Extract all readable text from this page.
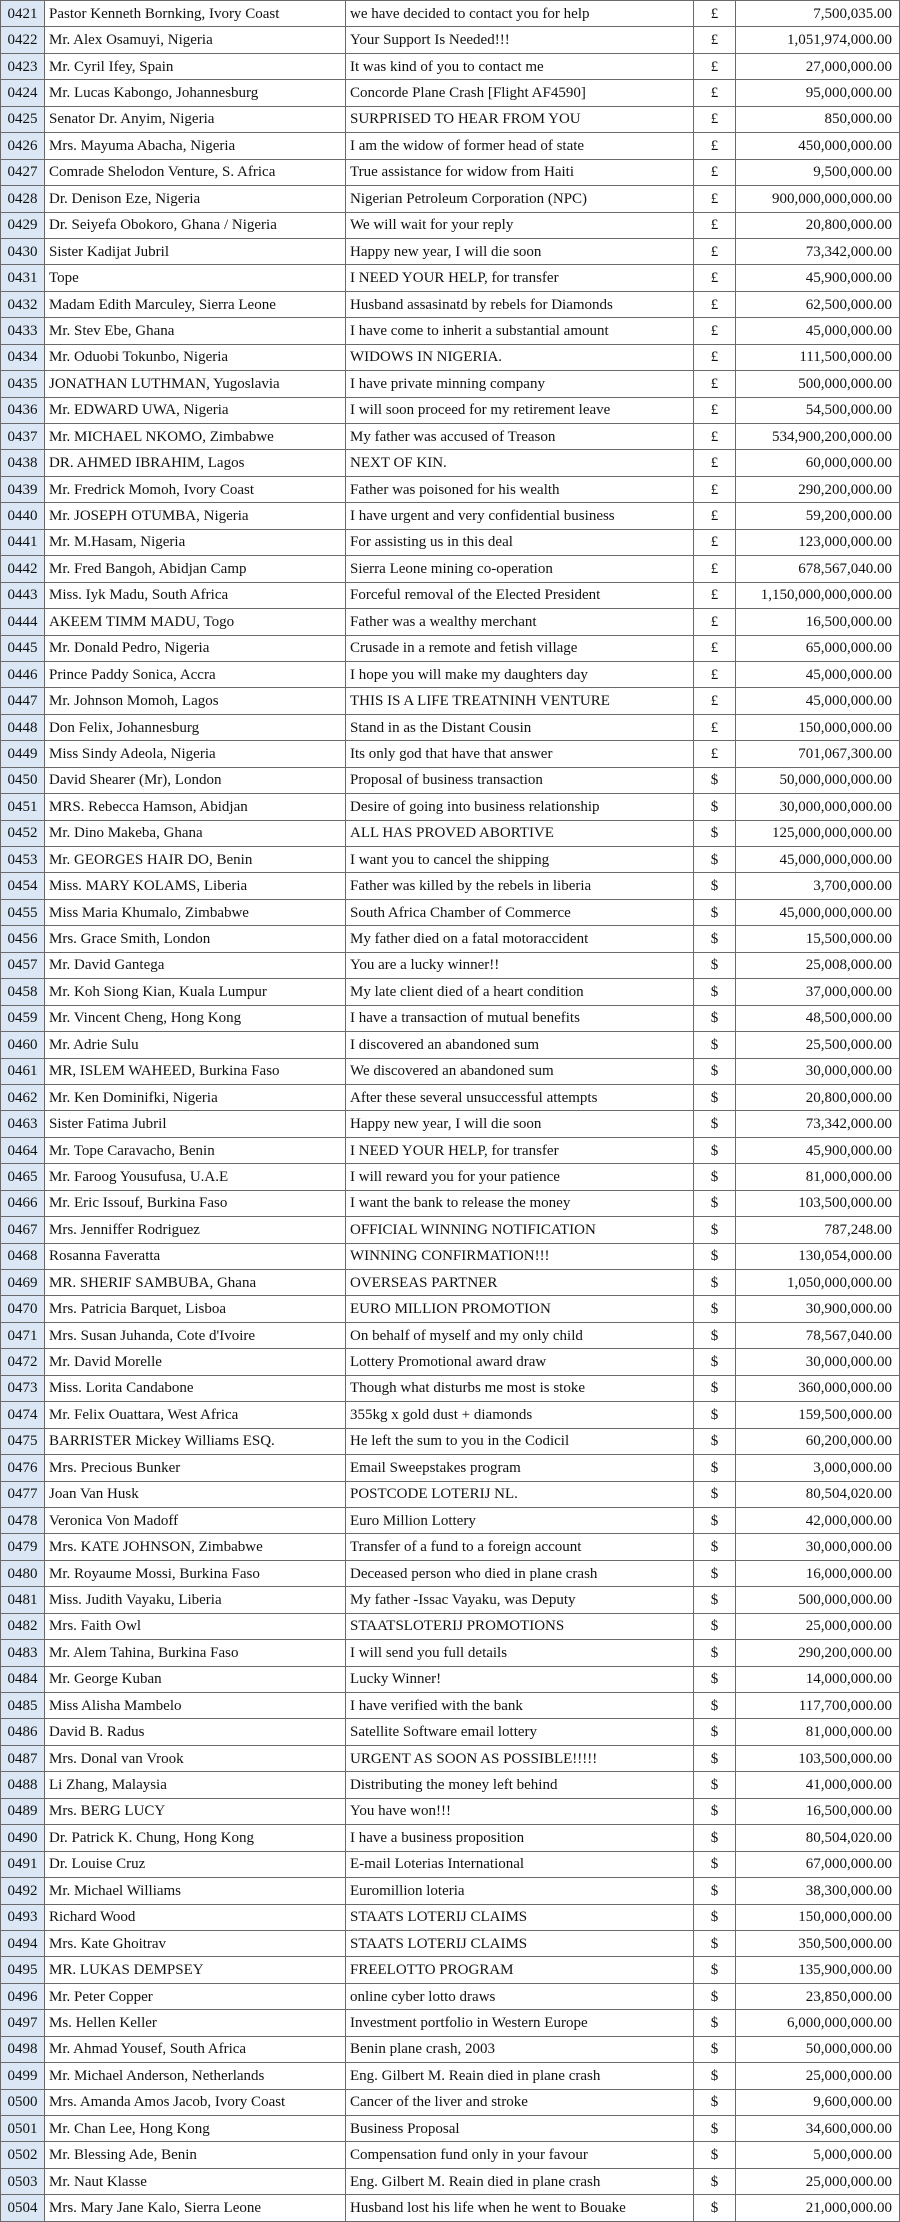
0421	Pastor Kenneth Bornking, Ivory Coast	we have decided to contact you for help	£	7,500,035.00
0422	Mr. Alex Osamuyi, Nigeria	Your Support Is Needed!!!	£	1,051,974,000.00
0423	Mr. Cyril Ifey, Spain	It was kind of you to contact me	£	27,000,000.00
0424	Mr. Lucas Kabongo, Johannesburg	Concorde Plane Crash [Flight AF4590]	£	95,000,000.00
0425	Senator Dr. Anyim, Nigeria	SURPRISED TO HEAR FROM YOU	£	850,000.00
0426	Mrs. Mayuma Abacha, Nigeria	I am the widow of former head of state	£	450,000,000.00
0427	Comrade Shelodon Venture, S. Africa	True assistance for widow from Haiti	£	9,500,000.00
0428	Dr. Denison Eze, Nigeria	Nigerian Petroleum Corporation (NPC)	£	900,000,000,000.00
0429	Dr. Seiyefa Obokoro, Ghana / Nigeria	We will wait for your reply	£	20,800,000.00
0430	Sister Kadijat Jubril	Happy new year, I will die soon	£	73,342,000.00
0431	Tope	I NEED YOUR HELP, for transfer	£	45,900,000.00
0432	Madam Edith Marculey, Sierra Leone	Husband assasinatd by rebels for Diamonds	£	62,500,000.00
0433	Mr. Stev Ebe, Ghana	I have come to inherit a substantial amount	£	45,000,000.00
0434	Mr. Oduobi Tokunbo, Nigeria	WIDOWS IN NIGERIA.	£	111,500,000.00
0435	JONATHAN LUTHMAN, Yugoslavia	I have private minning company	£	500,000,000.00
0436	Mr. EDWARD UWA, Nigeria	I will soon proceed for my retirement leave	£	54,500,000.00
0437	Mr. MICHAEL NKOMO, Zimbabwe	My father was accused of Treason	£	534,900,200,000.00
0438	DR. AHMED IBRAHIM, Lagos	NEXT OF KIN.	£	60,000,000.00
0439	Mr. Fredrick Momoh, Ivory Coast	Father was poisoned for his wealth	£	290,200,000.00
0440	Mr. JOSEPH OTUMBA, Nigeria	I have urgent and very confidential business	£	59,200,000.00
0441	Mr. M.Hasam, Nigeria	For assisting us in this deal	£	123,000,000.00
0442	Mr. Fred Bangoh, Abidjan Camp	Sierra Leone mining co-operation	£	678,567,040.00
0443	Miss. Iyk Madu, South Africa	Forceful removal of the Elected President	£	1,150,000,000,000.00
0444	AKEEM TIMM MADU, Togo	Father was a wealthy merchant	£	16,500,000.00
0445	Mr. Donald Pedro, Nigeria	Crusade in a remote and fetish village	£	65,000,000.00
0446	Prince Paddy Sonica, Accra	I hope you will make my daughters day	£	45,000,000.00
0447	Mr. Johnson Momoh, Lagos	THIS IS A LIFE TREATNINH VENTURE	£	45,000,000.00
0448	Don Felix, Johannesburg	Stand in as the Distant Cousin	£	150,000,000.00
0449	Miss Sindy Adeola, Nigeria	Its only god that have that answer	£	701,067,300.00
0450	David Shearer (Mr), London	Proposal of business transaction	$	50,000,000,000.00
0451	MRS. Rebecca Hamson, Abidjan	Desire of going into business relationship	$	30,000,000,000.00
0452	Mr. Dino Makeba, Ghana	ALL HAS PROVED ABORTIVE	$	125,000,000,000.00
0453	Mr. GEORGES HAIR DO, Benin	I want you to cancel the shipping	$	45,000,000,000.00
0454	Miss. MARY KOLAMS, Liberia	Father was killed by the rebels in liberia	$	3,700,000.00
0455	Miss Maria Khumalo, Zimbabwe	South Africa Chamber of Commerce	$	45,000,000,000.00
0456	Mrs. Grace Smith, London	My father died on a fatal motoraccident	$	15,500,000.00
0457	Mr. David Gantega	You are a lucky winner!!	$	25,008,000.00
0458	Mr. Koh Siong Kian, Kuala Lumpur	My late client died of a heart condition	$	37,000,000.00
0459	Mr. Vincent Cheng, Hong Kong	I have a transaction of mutual benefits	$	48,500,000.00
0460	Mr. Adrie Sulu	I discovered an abandoned sum	$	25,500,000.00
0461	MR, ISLEM WAHEED, Burkina Faso	We discovered an abandoned sum	$	30,000,000.00
0462	Mr. Ken Dominifki, Nigeria	After these several unsuccessful attempts	$	20,800,000.00
0463	Sister Fatima Jubril	Happy new year, I will die soon	$	73,342,000.00
0464	Mr. Tope Caravacho, Benin	I NEED YOUR HELP, for transfer	$	45,900,000.00
0465	Mr. Faroog Yousufusa, U.A.E	I will reward you for your patience	$	81,000,000.00
0466	Mr. Eric Issouf, Burkina Faso	I want the bank to release the money	$	103,500,000.00
0467	Mrs. Jenniffer Rodriguez	OFFICIAL WINNING NOTIFICATION	$	787,248.00
0468	Rosanna Faveratta	WINNING CONFIRMATION!!!	$	130,054,000.00
0469	MR. SHERIF SAMBUBA, Ghana	OVERSEAS PARTNER	$	1,050,000,000.00
0470	Mrs. Patricia Barquet, Lisboa	EURO MILLION PROMOTION	$	30,900,000.00
0471	Mrs. Susan Juhanda, Cote d'Ivoire	On behalf of myself and my only child	$	78,567,040.00
0472	Mr. David Morelle	Lottery Promotional award draw	$	30,000,000.00
0473	Miss. Lorita Candabone	Though what disturbs me most is stoke	$	360,000,000.00
0474	Mr. Felix Ouattara, West Africa	355kg x gold dust + diamonds	$	159,500,000.00
0475	BARRISTER Mickey Williams ESQ.	He left the sum to you in the Codicil	$	60,200,000.00
0476	Mrs. Precious Bunker	Email Sweepstakes program	$	3,000,000.00
0477	Joan Van Husk	POSTCODE LOTERIJ NL.	$	80,504,020.00
0478	Veronica Von Madoff	Euro Million Lottery	$	42,000,000.00
0479	Mrs. KATE JOHNSON, Zimbabwe	Transfer of a fund to a foreign account	$	30,000,000.00
0480	Mr. Royaume Mossi, Burkina Faso	Deceased person who died in plane crash	$	16,000,000.00
0481	Miss. Judith Vayaku, Liberia	My father -Issac Vayaku, was Deputy	$	500,000,000.00
0482	Mrs. Faith Owl	STAATSLOTERIJ PROMOTIONS	$	25,000,000.00
0483	Mr. Alem Tahina, Burkina Faso	I will send you full details	$	290,200,000.00
0484	Mr. George Kuban	Lucky Winner!	$	14,000,000.00
0485	Miss Alisha Mambelo	I have verified with the bank	$	117,700,000.00
0486	David B. Radus	Satellite Software email lottery	$	81,000,000.00
0487	Mrs. Donal van Vrook	URGENT AS SOON AS POSSIBLE!!!!!	$	103,500,000.00
0488	Li Zhang, Malaysia	Distributing the money left behind	$	41,000,000.00
0489	Mrs. BERG LUCY	You have won!!!	$	16,500,000.00
0490	Dr. Patrick K. Chung, Hong Kong	I have a business proposition	$	80,504,020.00
0491	Dr. Louise Cruz	E-mail Loterias International	$	67,000,000.00
0492	Mr. Michael Williams	Euromillion loteria	$	38,300,000.00
0493	Richard Wood	STAATS LOTERIJ CLAIMS	$	150,000,000.00
0494	Mrs. Kate Ghoitrav	STAATS LOTERIJ CLAIMS	$	350,500,000.00
0495	MR. LUKAS DEMPSEY	FREELOTTO PROGRAM	$	135,900,000.00
0496	Mr. Peter Copper	online cyber lotto draws	$	23,850,000.00
0497	Ms. Hellen Keller	Investment portfolio in Western Europe	$	6,000,000,000.00
0498	Mr. Ahmad Yousef, South Africa	Benin plane crash, 2003	$	50,000,000.00
0499	Mr. Michael Anderson, Netherlands	Eng. Gilbert M. Reain died in plane crash	$	25,000,000.00
0500	Mrs. Amanda Amos Jacob, Ivory Coast	Cancer of the liver and stroke	$	9,600,000.00
0501	Mr. Chan Lee, Hong Kong	Business Proposal	$	34,600,000.00
0502	Mr. Blessing Ade, Benin	Compensation fund only in your favour	$	5,000,000.00
0503	Mr. Naut Klasse	Eng. Gilbert M. Reain died in plane crash	$	25,000,000.00
0504	Mrs. Mary Jane Kalo, Sierra Leone	Husband lost his life when he went to Bouake	$	21,000,000.00
